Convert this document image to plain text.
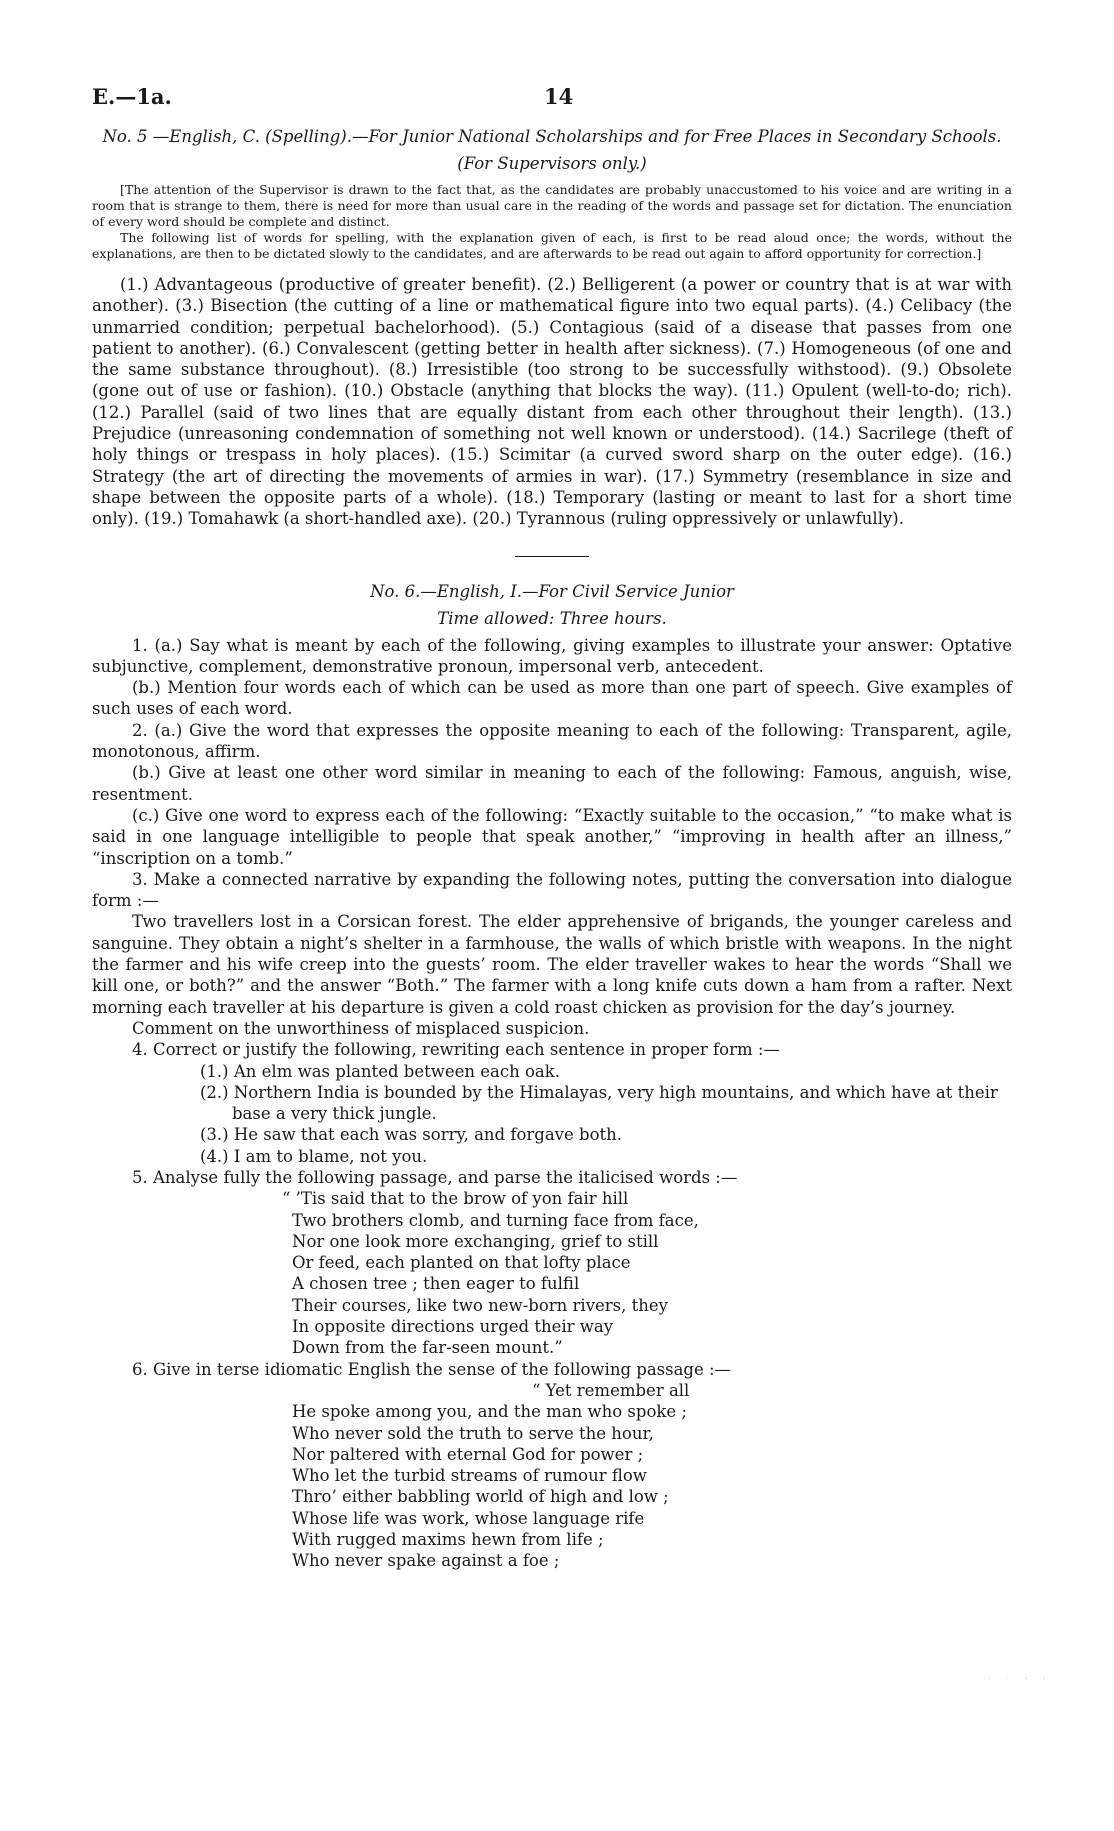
E.—1a.	14
No. 5 —English, C. (Spelling).—For Junior National Scholarships and for Free Places in Secondary Schools.
(For Supervisors only.)

[The attention of the Supervisor is drawn to the fact that, as the candidates are probably unaccustomed to his voice and are writing in a room that is strange to them, there is need for more than usual care in the reading of the words and passage set for dictation. The enunciation of every word should be complete and distinct.

The following list of words for spelling, with the explanation given of each, is first to be read aloud once; the words, without the explanations, are then to be dictated slowly to the candidates, and are afterwards to be read out again to afford opportunity for correction.]

(1.) Advantageous (productive of greater benefit). (2.) Belligerent (a power or country that is at war with another). (3.) Bisection (the cutting of a line or mathematical figure into two equal parts). (4.) Celibacy (the unmarried condition; perpetual bachelorhood). (5.) Contagious (said of a disease that passes from one patient to another). (6.) Convalescent (getting better in health after sickness). (7.) Homogeneous (of one and the same substance throughout). (8.) Irresistible (too strong to be successfully withstood). (9.) Obsolete (gone out of use or fashion). (10.) Obstacle (anything that blocks the way). (11.) Opulent (well-to-do; rich). (12.) Parallel (said of two lines that are equally distant from each other throughout their length). (13.) Prejudice (unreasoning condemnation of something not well known or understood). (14.) Sacrilege (theft of holy things or trespass in holy places). (15.) Scimitar (a curved sword sharp on the outer edge). (16.) Strategy (the art of directing the movements of armies in war). (17.) Symmetry (resemblance in size and shape between the opposite parts of a whole). (18.) Temporary (lasting or meant to last for a short time only). (19.) Tomahawk (a short-handled axe). (20.) Tyrannous (ruling oppressively or unlawfully).

No. 6.—English, I.—For Civil Service Junior
Time allowed: Three hours.

1. (a.) Say what is meant by each of the following, giving examples to illustrate your answer: Optative subjunctive, complement, demonstrative pronoun, impersonal verb, antecedent.

(b.) Mention four words each of which can be used as more than one part of speech. Give examples of such uses of each word.

2. (a.) Give the word that expresses the opposite meaning to each of the following: Transparent, agile, monotonous, affirm.

(b.) Give at least one other word similar in meaning to each of the following: Famous, anguish, wise, resentment.

(c.) Give one word to express each of the following: “Exactly suitable to the occasion,” “to make what is said in one language intelligible to people that speak another,” “improving in health after an illness,” “inscription on a tomb.”

3. Make a connected narrative by expanding the following notes, putting the conversation into dialogue form :—

Two travellers lost in a Corsican forest. The elder apprehensive of brigands, the younger careless and sanguine. They obtain a night’s shelter in a farmhouse, the walls of which bristle with weapons. In the night the farmer and his wife creep into the guests’ room. The elder traveller wakes to hear the words “Shall we kill one, or both?” and the answer “Both.” The farmer with a long knife cuts down a ham from a rafter. Next morning each traveller at his departure is given a cold roast chicken as provision for the day’s journey.

Comment on the unworthiness of misplaced suspicion.

4. Correct or justify the following, rewriting each sentence in proper form :—

(1.) An elm was planted between each oak.

(2.) Northern India is bounded by the Himalayas, very high mountains, and which have at their base a very thick jungle.

(3.) He saw that each was sorry, and forgave both.

(4.) I am to blame, not you.

5. Analyse fully the following passage, and parse the italicised words :—

“ ’Tis said that to the brow of yon fair hill
Two brothers clomb, and turning face from face,
Nor one look more exchanging, grief to still
Or feed, each planted on that lofty place
A chosen tree ; then eager to fulfil
Their courses, like two new-born rivers, they
In opposite directions urged their way
Down from the far-seen mount.”

6. Give in terse idiomatic English the sense of the following passage :—

“ Yet remember all
He spoke among you, and the man who spoke ;
Who never sold the truth to serve the hour,
Nor paltered with eternal God for power ;
Who let the turbid streams of rumour flow
Thro’ either babbling world of high and low ;
Whose life was work, whose language rife
With rugged maxims hewn from life ;
Who never spake against a foe ;
· · · ·
